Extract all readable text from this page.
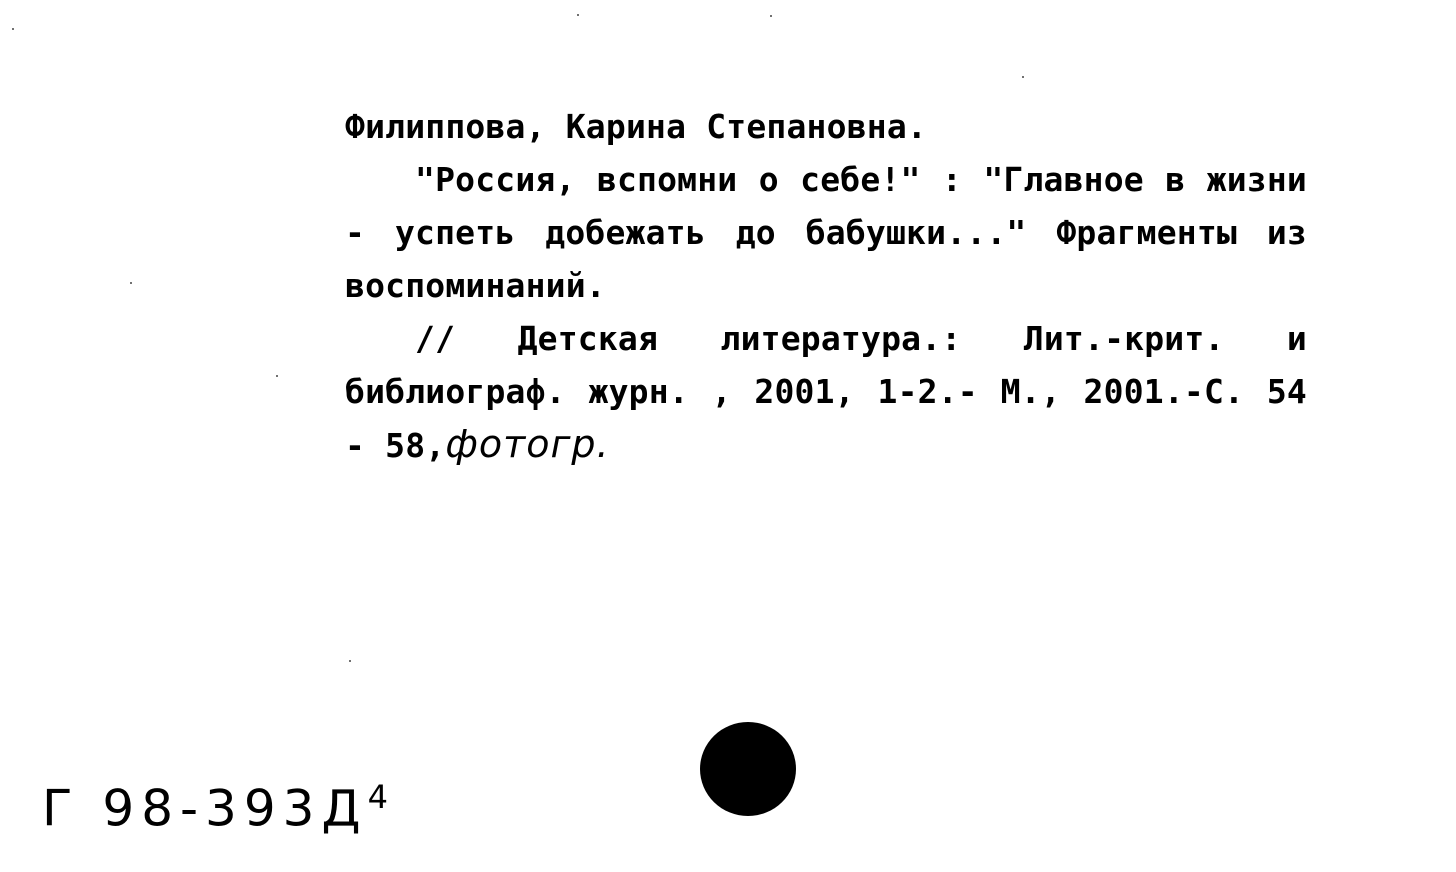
Филиппова, Карина Степановна.

"Россия, вспомни о себе!" : "Главное в жизни - успеть добежать до бабушки..." Фрагменты из воспоминаний.

// Детская литература.: Лит.-крит. и библиограф. журн. , 2001, 1-2.- М., 2001.-С. 54 - 58,фотогр.

Г $98-393Д^4$
